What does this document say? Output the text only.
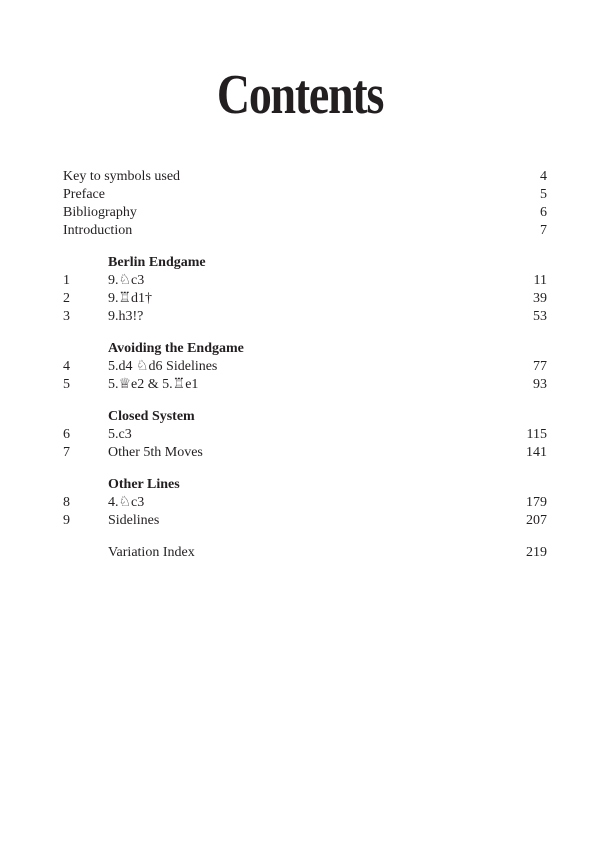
Contents
Key to symbols used	4
Preface	5
Bibliography	6
Introduction	7
Berlin Endgame
1	9.♘c3	11
2	9.♖d1†	39
3	9.h3!?	53
Avoiding the Endgame
4	5.d4 ♘d6 Sidelines	77
5	5.♕e2 & 5.♖e1	93
Closed System
6	5.c3	115
7	Other 5th Moves	141
Other Lines
8	4.♘c3	179
9	Sidelines	207
Variation Index	219
